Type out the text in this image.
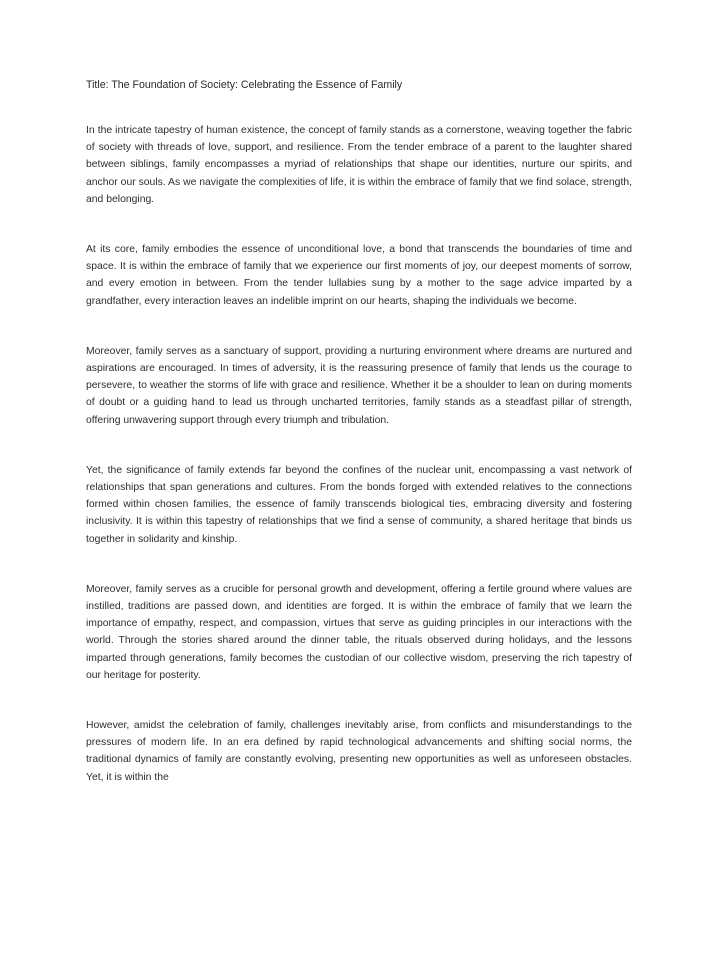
Title: The Foundation of Society: Celebrating the Essence of Family

In the intricate tapestry of human existence, the concept of family stands as a cornerstone, weaving together the fabric of society with threads of love, support, and resilience. From the tender embrace of a parent to the laughter shared between siblings, family encompasses a myriad of relationships that shape our identities, nurture our spirits, and anchor our souls. As we navigate the complexities of life, it is within the embrace of family that we find solace, strength, and belonging.

At its core, family embodies the essence of unconditional love, a bond that transcends the boundaries of time and space. It is within the embrace of family that we experience our first moments of joy, our deepest moments of sorrow, and every emotion in between. From the tender lullabies sung by a mother to the sage advice imparted by a grandfather, every interaction leaves an indelible imprint on our hearts, shaping the individuals we become.

Moreover, family serves as a sanctuary of support, providing a nurturing environment where dreams are nurtured and aspirations are encouraged. In times of adversity, it is the reassuring presence of family that lends us the courage to persevere, to weather the storms of life with grace and resilience. Whether it be a shoulder to lean on during moments of doubt or a guiding hand to lead us through uncharted territories, family stands as a steadfast pillar of strength, offering unwavering support through every triumph and tribulation.

Yet, the significance of family extends far beyond the confines of the nuclear unit, encompassing a vast network of relationships that span generations and cultures. From the bonds forged with extended relatives to the connections formed within chosen families, the essence of family transcends biological ties, embracing diversity and fostering inclusivity. It is within this tapestry of relationships that we find a sense of community, a shared heritage that binds us together in solidarity and kinship.

Moreover, family serves as a crucible for personal growth and development, offering a fertile ground where values are instilled, traditions are passed down, and identities are forged. It is within the embrace of family that we learn the importance of empathy, respect, and compassion, virtues that serve as guiding principles in our interactions with the world. Through the stories shared around the dinner table, the rituals observed during holidays, and the lessons imparted through generations, family becomes the custodian of our collective wisdom, preserving the rich tapestry of our heritage for posterity.

However, amidst the celebration of family, challenges inevitably arise, from conflicts and misunderstandings to the pressures of modern life. In an era defined by rapid technological advancements and shifting social norms, the traditional dynamics of family are constantly evolving, presenting new opportunities as well as unforeseen obstacles. Yet, it is within the
